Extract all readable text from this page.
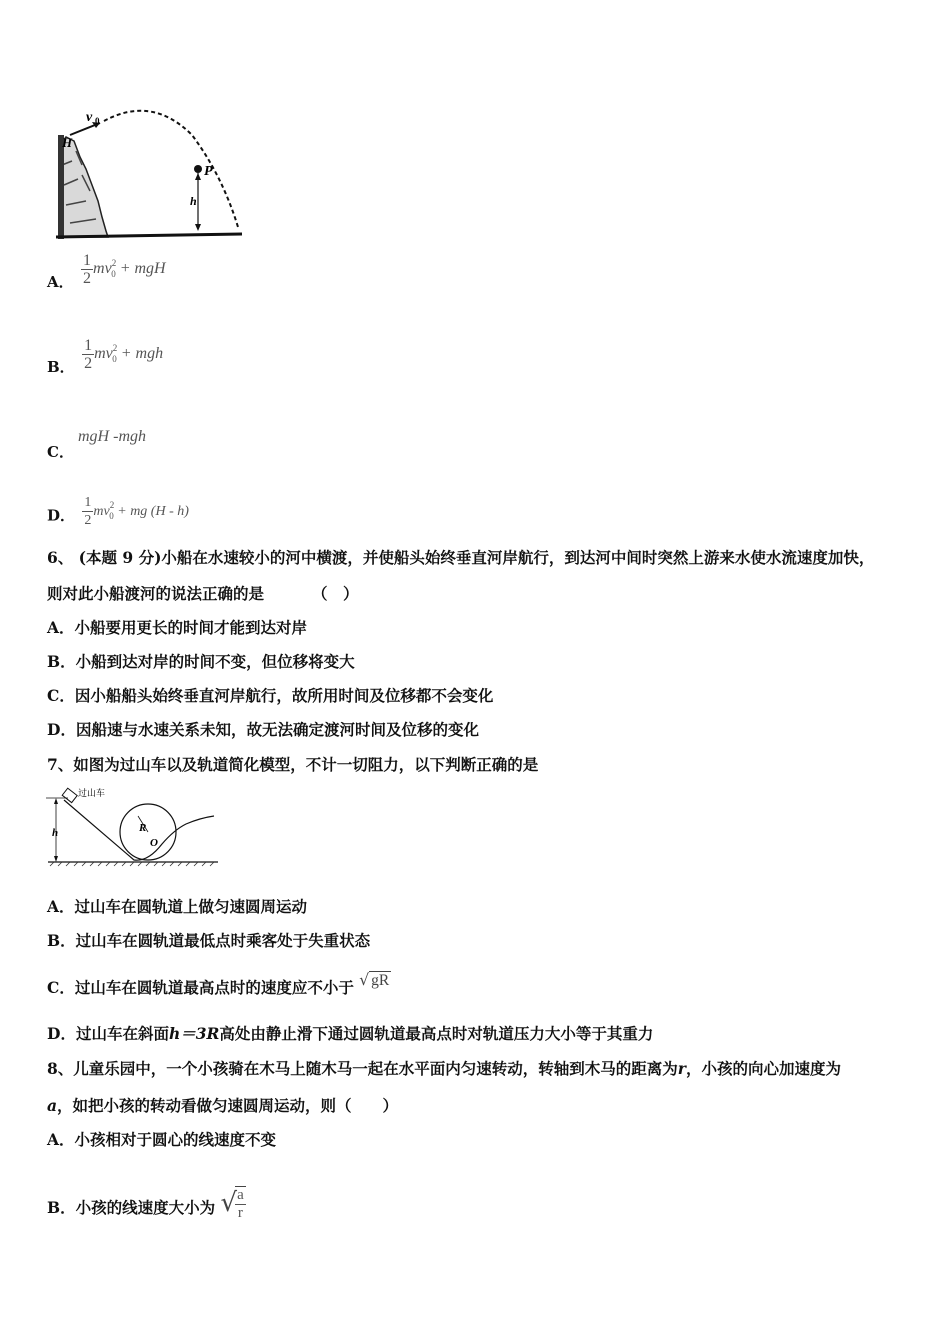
v 0
H
P
h
A． $\frac{1}{2} mv^2_0$ + mgH
B． $\frac{1}{2} mv^2_0$ + mgh
C．
mgH -mgh
D． $\frac{1}{2} mv^2_0$ + mg (H - h)
6、 (本题 9 分)小船在水速较小的河中横渡，并使船头始终垂直河岸航行，到达河中间时突然上游来水使水流速度加快，
则对此小船渡河的说法正确的是	（　）
A．小船要用更长的时间才能到达对岸
B．小船到达对岸的时间不变，但位移将变大
C．因小船船头始终垂直河岸航行，故所用时间及位移都不会变化
D．因船速与水速关系未知，故无法确定渡河时间及位移的变化
7、如图为过山车以及轨道简化模型，不计一切阻力，以下判断正确的是
过山车
h	R
O
A．过山车在圆轨道上做匀速圆周运动
B．过山车在圆轨道最低点时乘客处于失重状态
C．过山车在圆轨道最高点时的速度应不小于 √ gR
D．过山车在斜面h＝3R高处由静止滑下通过圆轨道最高点时对轨道压力大小等于其重力
8、儿童乐园中，一个小孩骑在木马上随木马一起在水平面内匀速转动，转轴到木马的距离为r，小孩的向心加速度为
a，如把小孩的转动看做匀速圆周运动，则（　　）
A．小孩相对于圆心的线速度不变
B．小孩的线速度大小为 √
$\frac{a}{r}$
